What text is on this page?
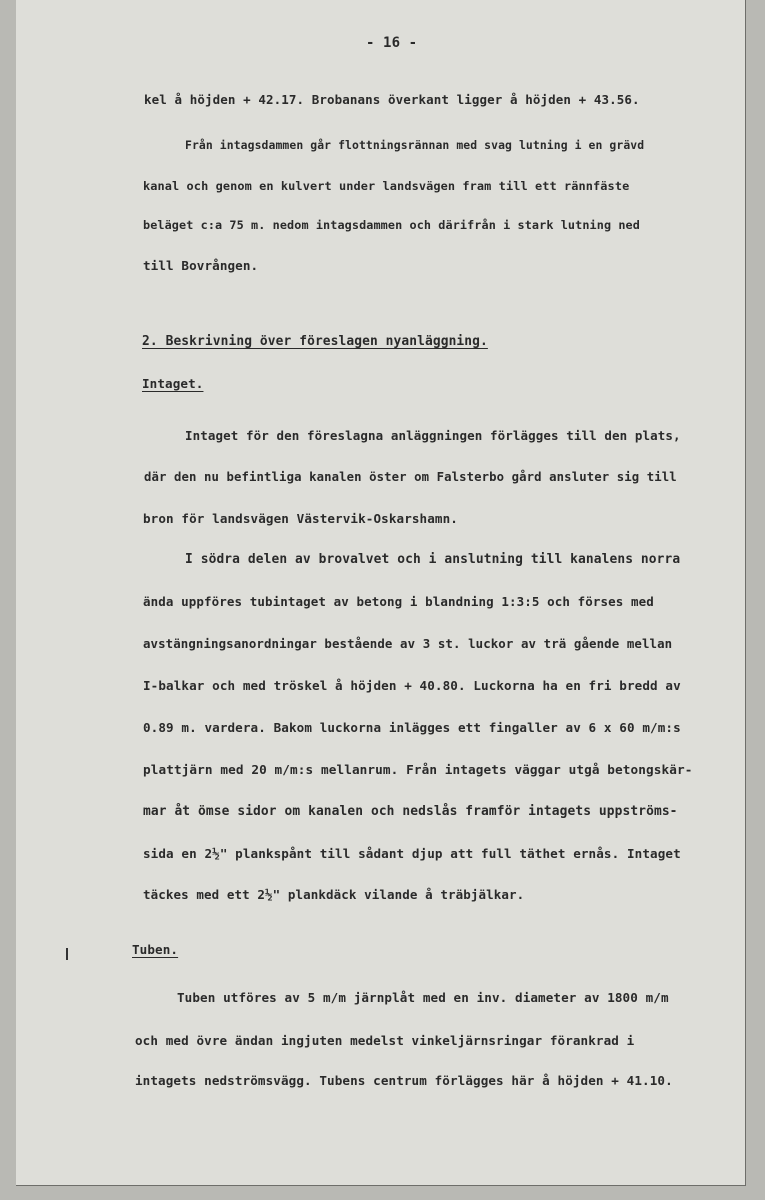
- 16 -
kel å höjden + 42.17. Brobanans överkant ligger å höjden + 43.56.
Från intagsdammen går flottningsrännan med svag lutning i en grävd
kanal och genom en kulvert under landsvägen fram till ett rännfäste
beläget c:a 75 m. nedom intagsdammen och därifrån i stark lutning ned
till Bovrången.
2. Beskrivning över föreslagen nyanläggning.
Intaget.
Intaget för den föreslagna anläggningen förlägges till den plats,
där den nu befintliga kanalen öster om Falsterbo gård ansluter sig till
bron för landsvägen Västervik-Oskarshamn.
I södra delen av brovalvet och i anslutning till kanalens norra
ända uppföres tubintaget av betong i blandning 1:3:5 och förses med
avstängningsanordningar bestående av 3 st. luckor av trä gående mellan
I-balkar och med tröskel å höjden + 40.80. Luckorna ha en fri bredd av
0.89 m. vardera. Bakom luckorna inlägges ett fingaller av 6 x 60 m/m:s
plattjärn med 20 m/m:s mellanrum. Från intagets väggar utgå betongskär-
mar åt ömse sidor om kanalen och nedslås framför intagets uppströms-
sida en 2½" plankspånt till sådant djup att full täthet ernås. Intaget
täckes med ett 2½" plankdäck vilande å träbjälkar.
Tuben.
Tuben utföres av 5 m/m järnplåt med en inv. diameter av 1800 m/m
och med övre ändan ingjuten medelst vinkeljärnsringar förankrad i
intagets nedströmsvägg. Tubens centrum förlägges här å höjden + 41.10.
